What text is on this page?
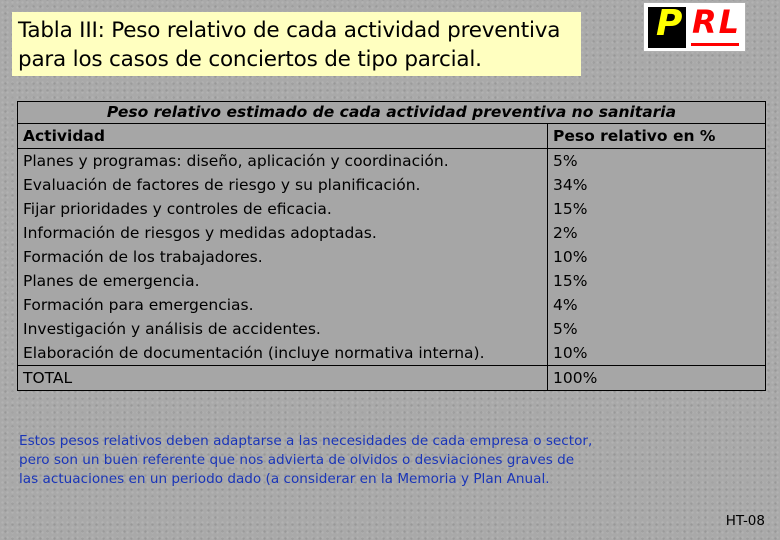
Tabla III: Peso relativo de cada actividad preventiva
para los casos de conciertos de tipo parcial.
P RL
Peso relativo estimado de cada actividad preventiva no sanitaria	
Actividad	Peso relativo en %
Planes y programas: diseño, aplicación y coordinación.	5%
Evaluación de factores de riesgo y su planificación.	34%
Fijar prioridades y controles de eficacia.	15%
Información de riesgos y medidas adoptadas.	2%
Formación de los trabajadores.	10%
Planes de emergencia.	15%
Formación para emergencias.	4%
Investigación y análisis de accidentes.	5%
Elaboración de documentación (incluye normativa interna).	10%
TOTAL	100%
Estos pesos relativos deben adaptarse a las necesidades de cada empresa o sector,
pero son un buen referente que nos advierta de olvidos o desviaciones graves de
las actuaciones en un periodo dado (a considerar en la Memoria y Plan Anual.
HT-08
